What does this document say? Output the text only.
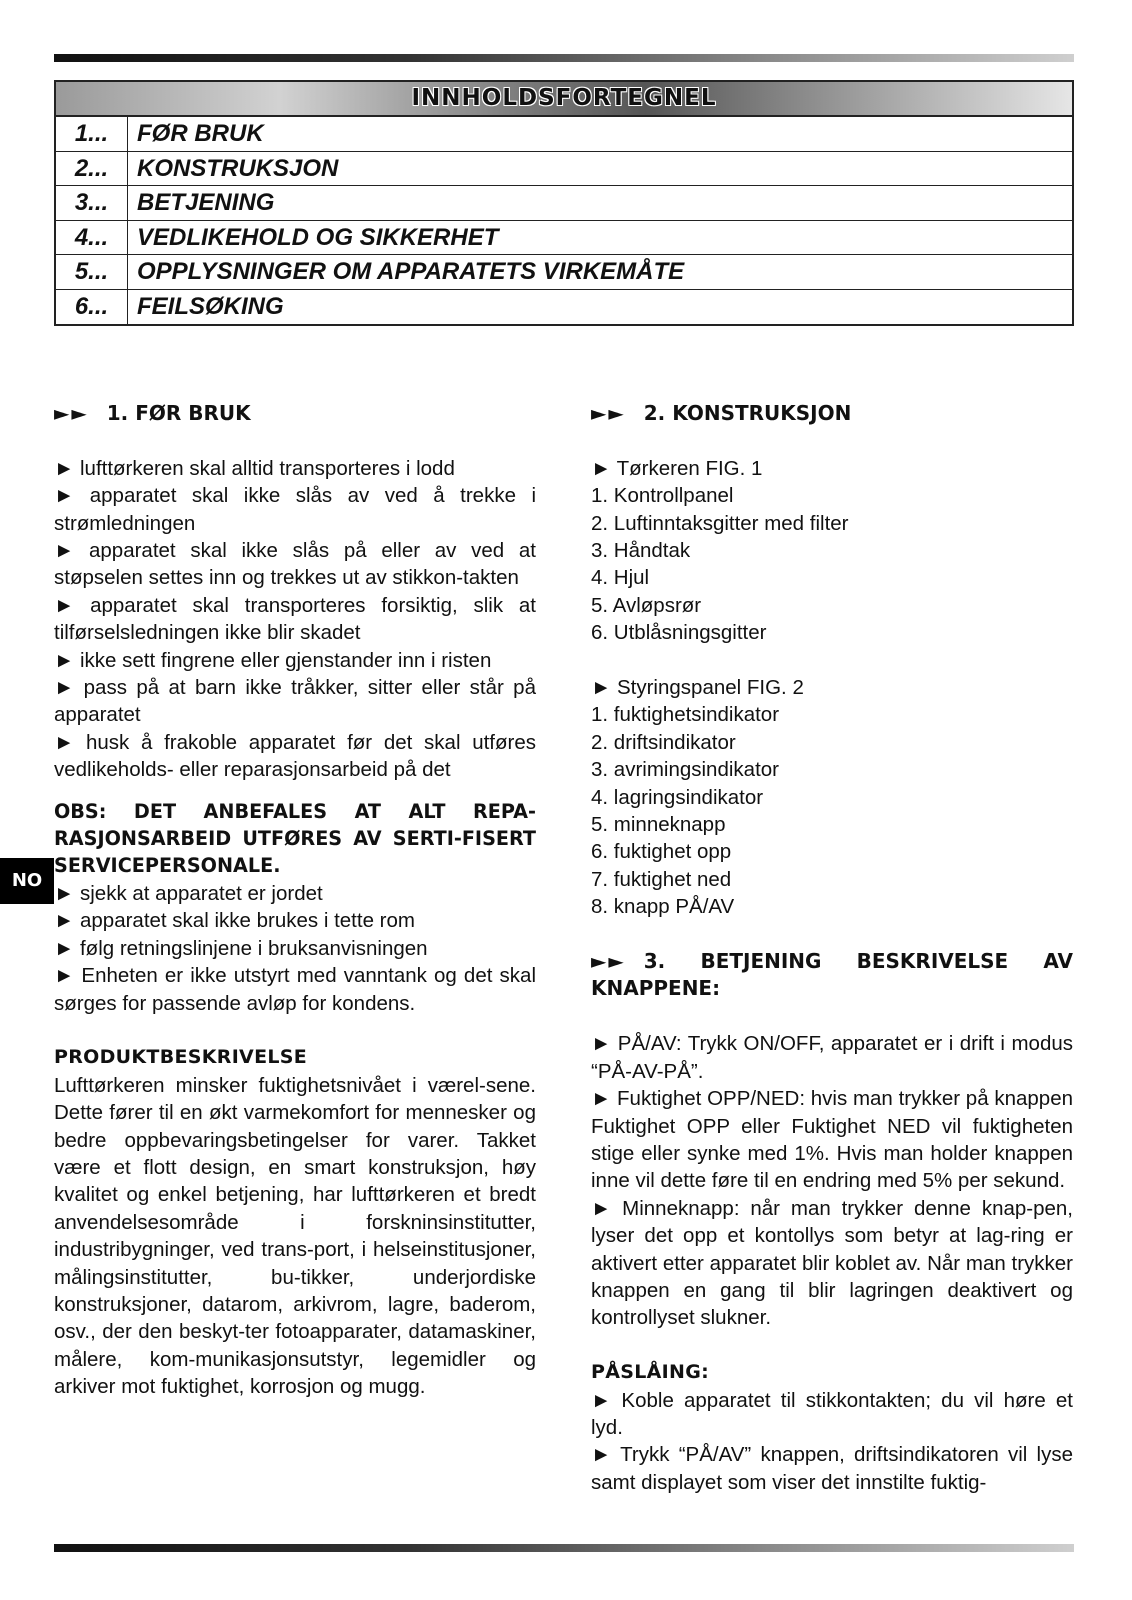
INNHOLDSFORTEGNEL
1...	FØR BRUK
2...	KONSTRUKSJON
3...	BETJENING
4...	VEDLIKEHOLD OG SIKKERHET
5...	OPPLYSNINGER OM APPARATETS VIRKEMÅTE
6...	FEILSØKING
NO
►► 1. FØR BRUK

► lufttørkeren skal alltid transporteres i lodd

► apparatet skal ikke slås av ved å trekke i strømledningen

► apparatet skal ikke slås på eller av ved at støpselen settes inn og trekkes ut av stikkon-takten

► apparatet skal transporteres forsiktig, slik at tilførselsledningen ikke blir skadet

► ikke sett fingrene eller gjenstander inn i risten

► pass på at barn ikke tråkker, sitter eller står på apparatet

► husk å frakoble apparatet før det skal utføres vedlikeholds- eller reparasjonsarbeid på det

OBS: DET ANBEFALES AT ALT REPA-RASJONSARBEID UTFØRES AV SERTI-FISERT SERVICEPERSONALE.

► sjekk at apparatet er jordet

► apparatet skal ikke brukes i tette rom

► følg retningslinjene i bruksanvisningen

► Enheten er ikke utstyrt med vanntank og det skal sørges for passende avløp for kondens.

PRODUKTBESKRIVELSE

Lufttørkeren minsker fuktighetsnivået i værel-sene. Dette fører til en økt varmekomfort for mennesker og bedre oppbevaringsbetingelser for varer. Takket være et flott design, en smart konstruksjon, høy kvalitet og enkel betjening, har lufttørkeren et bredt anvendelsesområde i forskninsinstitutter, industribygninger, ved trans-port, i helseinstitusjoner, målingsinstitutter, bu-tikker, underjordiske konstruksjoner, datarom, arkivrom, lagre, baderom, osv., der den beskyt-ter fotoapparater, datamaskiner, målere, kom-munikasjonsutstyr, legemidler og arkiver mot fuktighet, korrosjon og mugg.

►► 2. KONSTRUKSJON

► Tørkeren FIG. 1

1. Kontrollpanel

2. Luftinntaksgitter med filter

3. Håndtak

4. Hjul

5. Avløpsrør

6. Utblåsningsgitter

► Styringspanel FIG. 2

1. fuktighetsindikator

2. driftsindikator

3. avrimingsindikator

4. lagringsindikator

5. minneknapp

6. fuktighet opp

7. fuktighet ned

8. knapp PÅ/AV

►► 3. BETJENING BESKRIVELSE AV KNAPPENE:

► PÅ/AV: Trykk ON/OFF, apparatet er i drift i modus “PÅ-AV-PÅ”.

► Fuktighet OPP/NED: hvis man trykker på knappen Fuktighet OPP eller Fuktighet NED vil fuktigheten stige eller synke med 1%. Hvis man holder knappen inne vil dette føre til en endring med 5% per sekund.

► Minneknapp: når man trykker denne knap-pen, lyser det opp et kontollys som betyr at lag-ring er aktivert etter apparatet blir koblet av. Når man trykker knappen en gang til blir lagringen deaktivert og kontrollyset slukner.

PÅSLÅING:

► Koble apparatet til stikkontakten; du vil høre et lyd.

► Trykk “PÅ/AV” knappen, driftsindikatoren vil lyse samt displayet som viser det innstilte fuktig-
